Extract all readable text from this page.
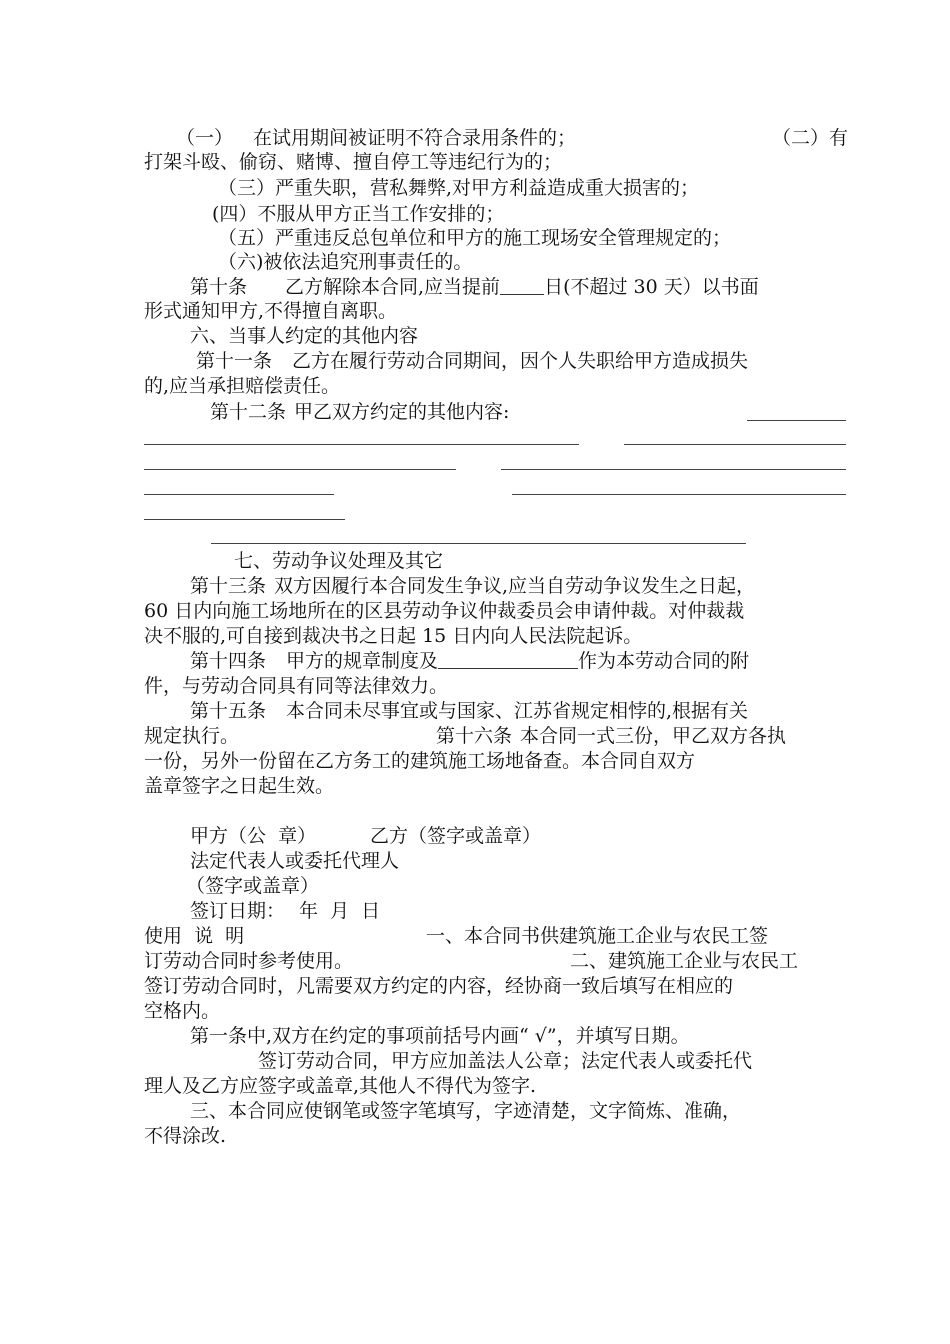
（一） 在试用期间被证明不符合录用条件的；	（二）有
打架斗殴、偷窃、赌博、擅自停工等违纪行为的；
（三）严重失职，营私舞弊,对甲方利益造成重大损害的；
(四）不服从甲方正当工作安排的；
（五）严重违反总包单位和甲方的施工现场安全管理规定的；
（六)被依法追究刑事责任的。
第十条 乙方解除本合同,应当提前 日(不超过 30 天）以书面
形式通知甲方,不得擅自离职。
六、当事人约定的其他内容
第十一条 乙方在履行劳动合同期间，因个人失职给甲方造成损失
的,应当承担赔偿责任。
第十二条 甲乙双方约定的其他内容:
七、劳动争议处理及其它
第十三条 双方因履行本合同发生争议,应当自劳动争议发生之日起，
60 日内向施工场地所在的区县劳动争议仲裁委员会申请仲裁。对仲裁裁
决不服的,可自接到裁决书之日起 15 日内向人民法院起诉。
第十四条 甲方的规章制度及	作为本劳动合同的附
件，与劳动合同具有同等法律效力。
第十五条 本合同未尽事宜或与国家、江苏省规定相悖的,根据有关
规定执行。	第十六条 本合同一式三份，甲乙双方各执
一份，另外一份留在乙方务工的建筑施工场地备查。本合同自双方
盖章签字之日起生效。
甲方（公  章）	乙方（签字或盖章）
法定代表人或委托代理人
（签字或盖章）
签订日期： 年  月  日
使用  说  明	一、本合同书供建筑施工企业与农民工签
订劳动合同时参考使用。	二、建筑施工企业与农民工
签订劳动合同时，凡需要双方约定的内容，经协商一致后填写在相应的
空格内。
第一条中,双方在约定的事项前括号内画“ √”，并填写日期。
签订劳动合同，甲方应加盖法人公章；法定代表人或委托代
理人及乙方应签字或盖章,其他人不得代为签字.
三、本合同应使钢笔或签字笔填写，字迹清楚，文字简炼、准确，
不得涂改.
